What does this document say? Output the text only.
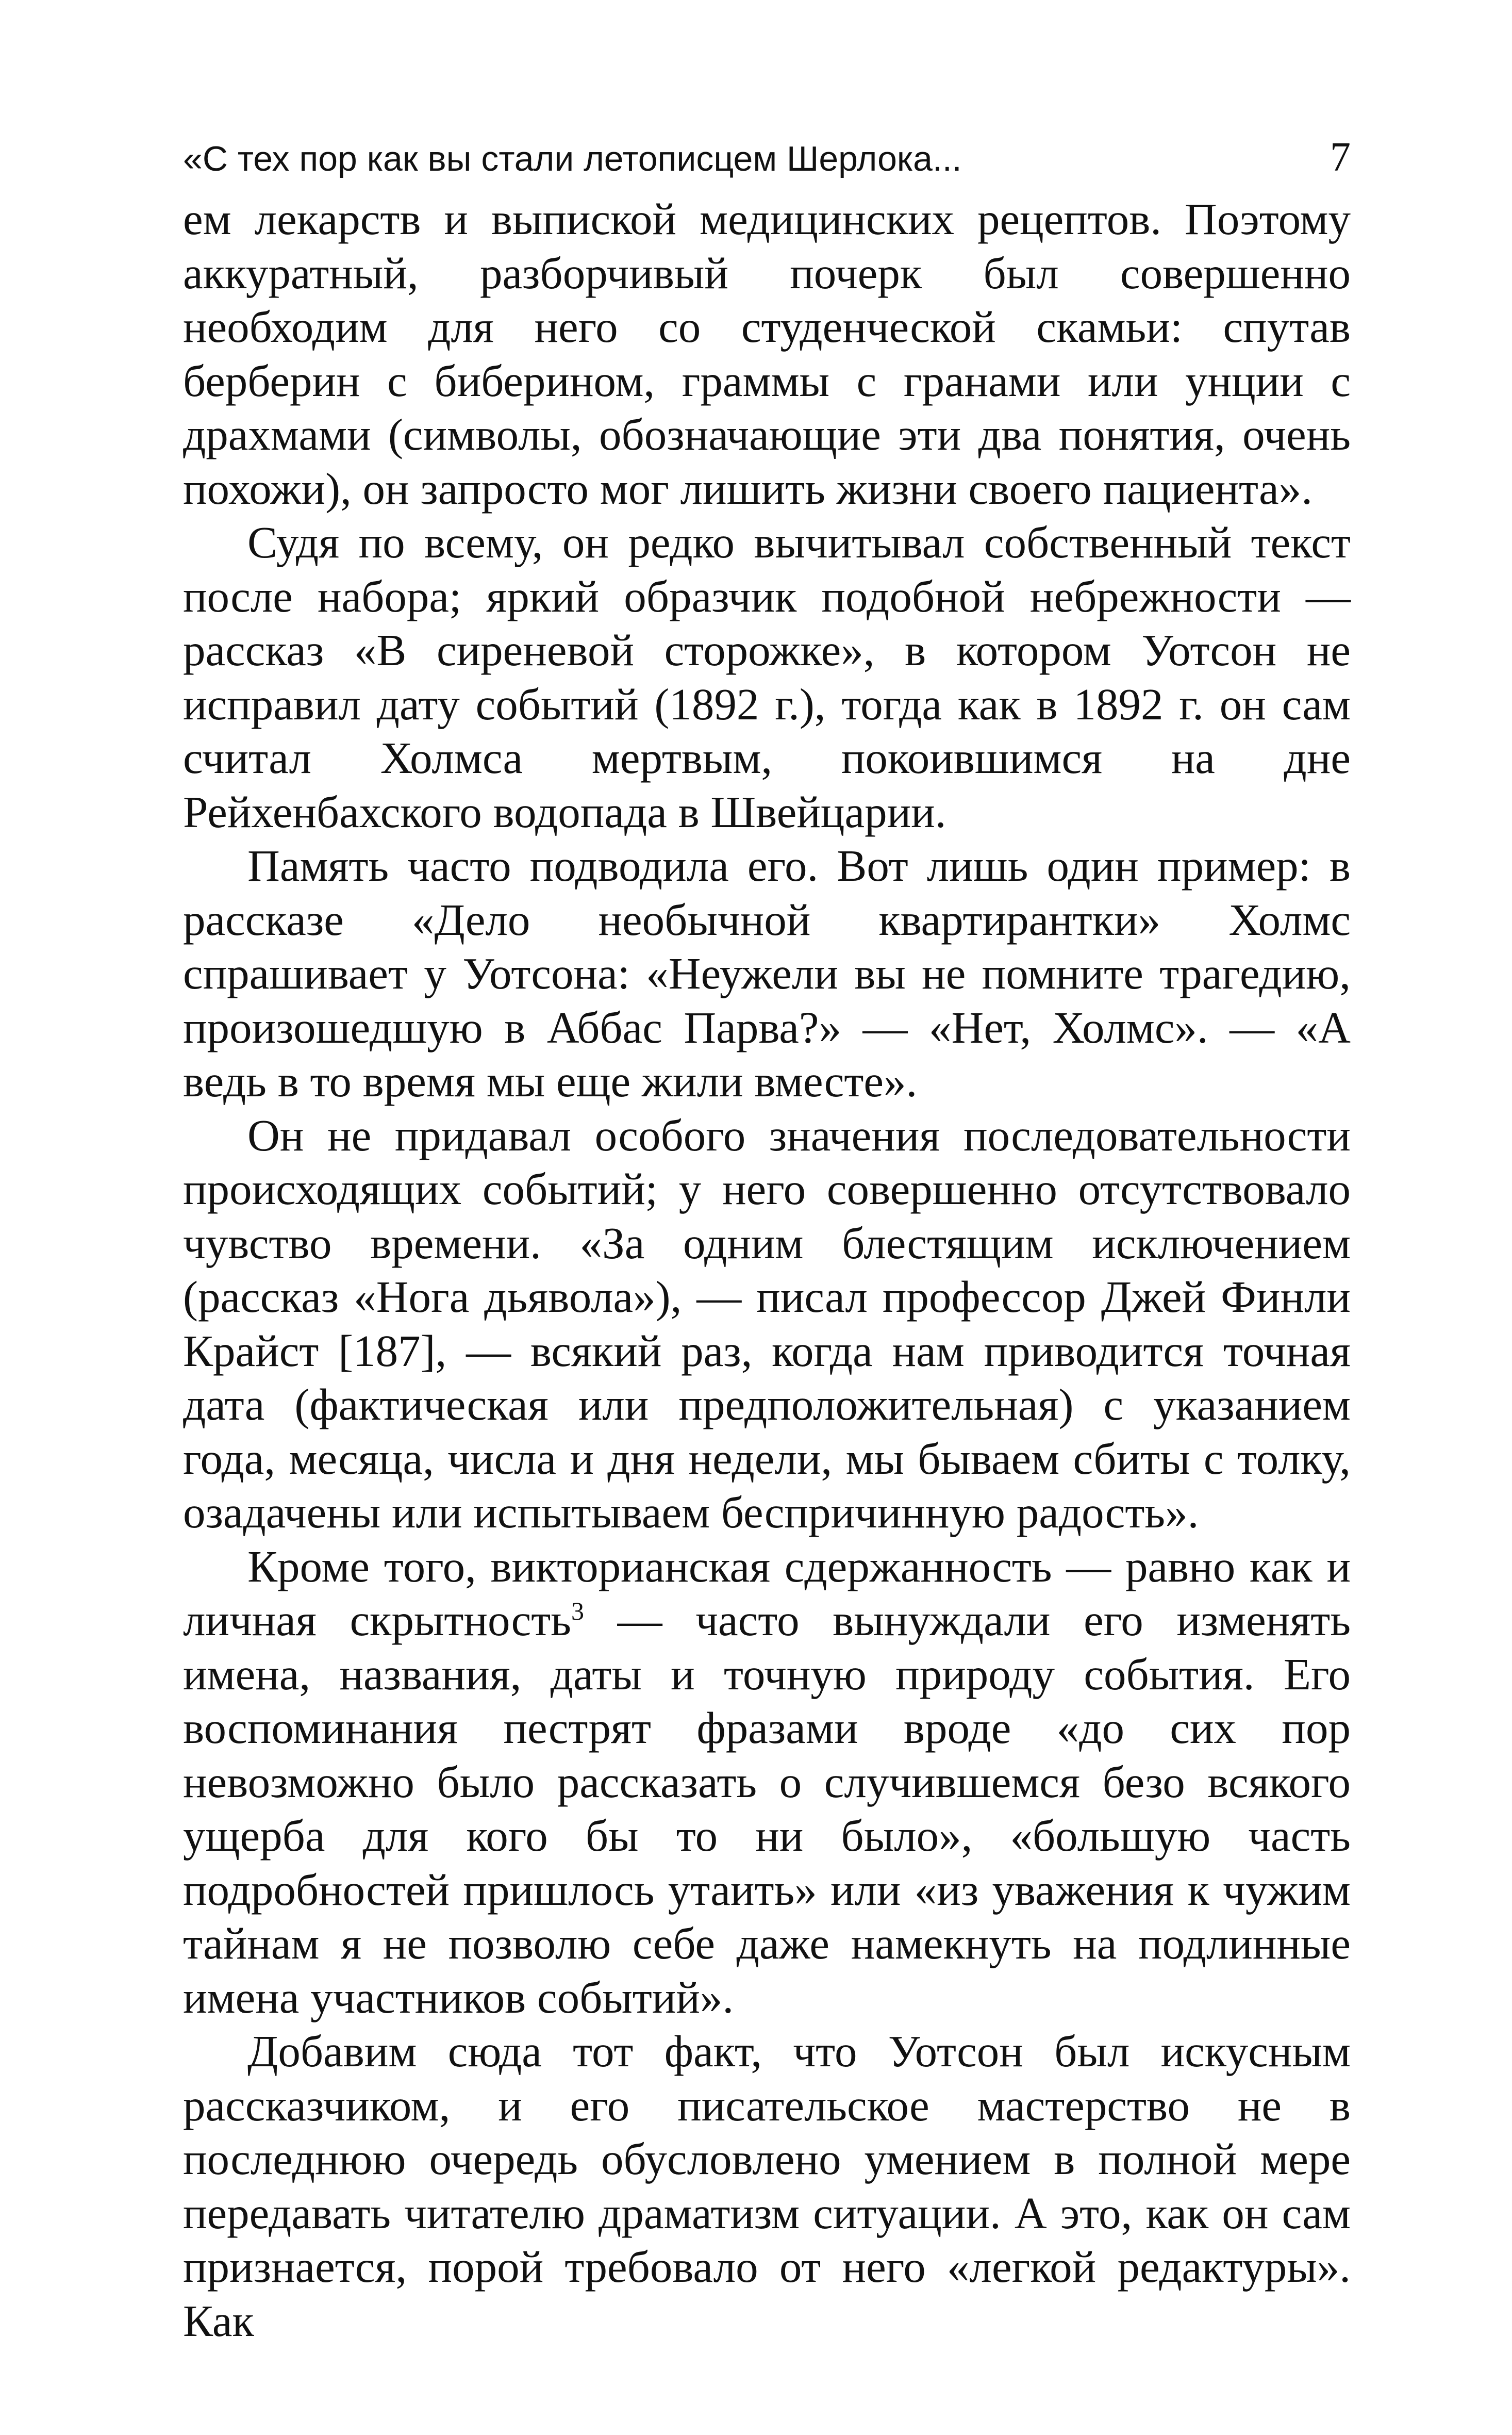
«С тех пор как вы стали летописцем Шерлока...	7

ем лекарств и выпиской медицинских рецептов. Поэтому аккуратный, разборчивый почерк был совершенно необходим для него со студенческой скамьи: спутав берберин с биберином, граммы с гранами или унции с драхмами (символы, обозначающие эти два понятия, очень похожи), он запросто мог лишить жизни своего пациента».

Судя по всему, он редко вычитывал собственный текст после набора; яркий образчик подобной небрежности — рассказ «В сиреневой сторожке», в котором Уотсон не исправил дату событий (1892 г.), тогда как в 1892 г. он сам считал Холмса мертвым, покоившимся на дне Рейхенбахского водопада в Швейцарии.

Память часто подводила его. Вот лишь один пример: в рассказе «Дело необычной квартирантки» Холмс спрашивает у Уотсона: «Неужели вы не помните трагедию, произошедшую в Аббас Парва?» — «Нет, Холмс». — «А ведь в то время мы еще жили вместе».

Он не придавал особого значения последовательности происходящих событий; у него совершенно отсутствовало чувство времени. «За одним блестящим исключением (рассказ «Нога дьявола»), — писал профессор Джей Финли Крайст [187], — всякий раз, когда нам приводится точная дата (фактическая или предположительная) с указанием года, месяца, числа и дня недели, мы бываем сбиты с толку, озадачены или испытываем беспричинную радость».

Кроме того, викторианская сдержанность — равно как и личная скрытность$^3$ — часто вынуждали его изменять имена, названия, даты и точную природу события. Его воспоминания пестрят фразами вроде «до сих пор невозможно было рассказать о случившемся безо всякого ущерба для кого бы то ни было», «большую часть подробностей пришлось утаить» или «из уважения к чужим тайнам я не позволю себе даже намекнуть на подлинные имена участников событий».

Добавим сюда тот факт, что Уотсон был искусным рассказчиком, и его писательское мастерство не в последнюю очередь обусловлено умением в полной мере передавать читателю драматизм ситуации. А это, как он сам признается, порой требовало от него «легкой редактуры». Как
